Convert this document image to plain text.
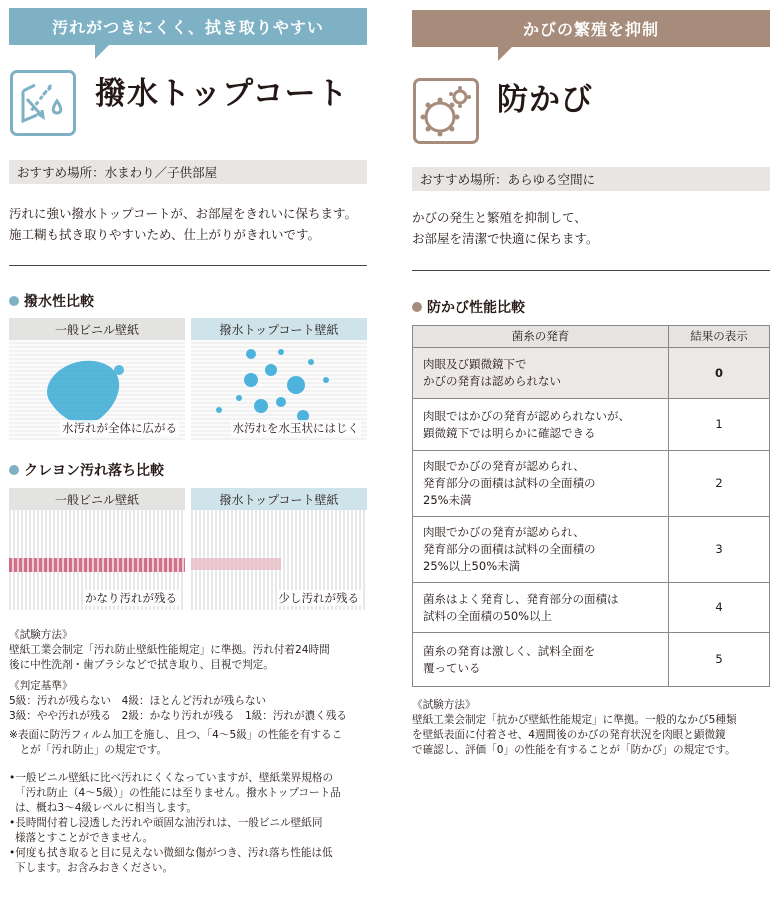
汚れがつきにくく、拭き取りやすい
撥水トップコート
おすすめ場所：水まわり／子供部屋
汚れに強い撥水トップコートが、お部屋をきれいに保ちます。
施工糊も拭き取りやすいため、仕上がりがきれいです。
撥水性比較
一般ビニル壁紙
水汚れが全体に広がる
撥水トップコート壁紙
水汚れを水玉状にはじく
クレヨン汚れ落ち比較
一般ビニル壁紙
かなり汚れが残る
撥水トップコート壁紙
少し汚れが残る
《試験方法》
壁紙工業会制定「汚れ防止壁紙性能規定」に準拠。汚れ付着24時間
後に中性洗剤・歯ブラシなどで拭き取り、目視で判定。
《判定基準》
5級：汚れが残らない　4級：ほとんど汚れが残らない
3級：やや汚れが残る　2級：かなり汚れが残る　1級：汚れが濃く残る
※表面に防汚フィルム加工を施し、且つ、「4～5級」の性能を有するこ
　とが「汚れ防止」の規定です。
•一般ビニル壁紙に比べ汚れにくくなっていますが、壁紙業界規格の
「汚れ防止（4～5級）」の性能には至りません。撥水トップコート品
は、概ね3～4級レベルに相当します。
•長時間付着し浸透した汚れや頑固な油汚れは、一般ビニル壁紙同
様落とすことができません。
•何度も拭き取ると目に見えない微細な傷がつき、汚れ落ち性能は低
下します。お含みおきください。
かびの繁殖を抑制
防かび
おすすめ場所：あらゆる空間に
かびの発生と繁殖を抑制して、
お部屋を清潔で快適に保ちます。
防かび性能比較
菌糸の発育	結果の表示

肉眼及び顕微鏡下で
かびの発育は認められない	0

肉眼ではかびの発育が認められないが、
顕微鏡下では明らかに確認できる	1

肉眼でかびの発育が認められ、
発育部分の面積は試料の全面積の
25%未満	2

肉眼でかびの発育が認められ、
発育部分の面積は試料の全面積の
25%以上50%未満	3

菌糸はよく発育し、発育部分の面積は
試料の全面積の50%以上	4

菌糸の発育は激しく、試料全面を
覆っている	5
《試験方法》
壁紙工業会制定「抗かび壁紙性能規定」に準拠。一般的なかび5種類
を壁紙表面に付着させ、4週間後のかびの発育状況を肉眼と顕微鏡
で確認し、評価「0」の性能を有することが「防かび」の規定です。
